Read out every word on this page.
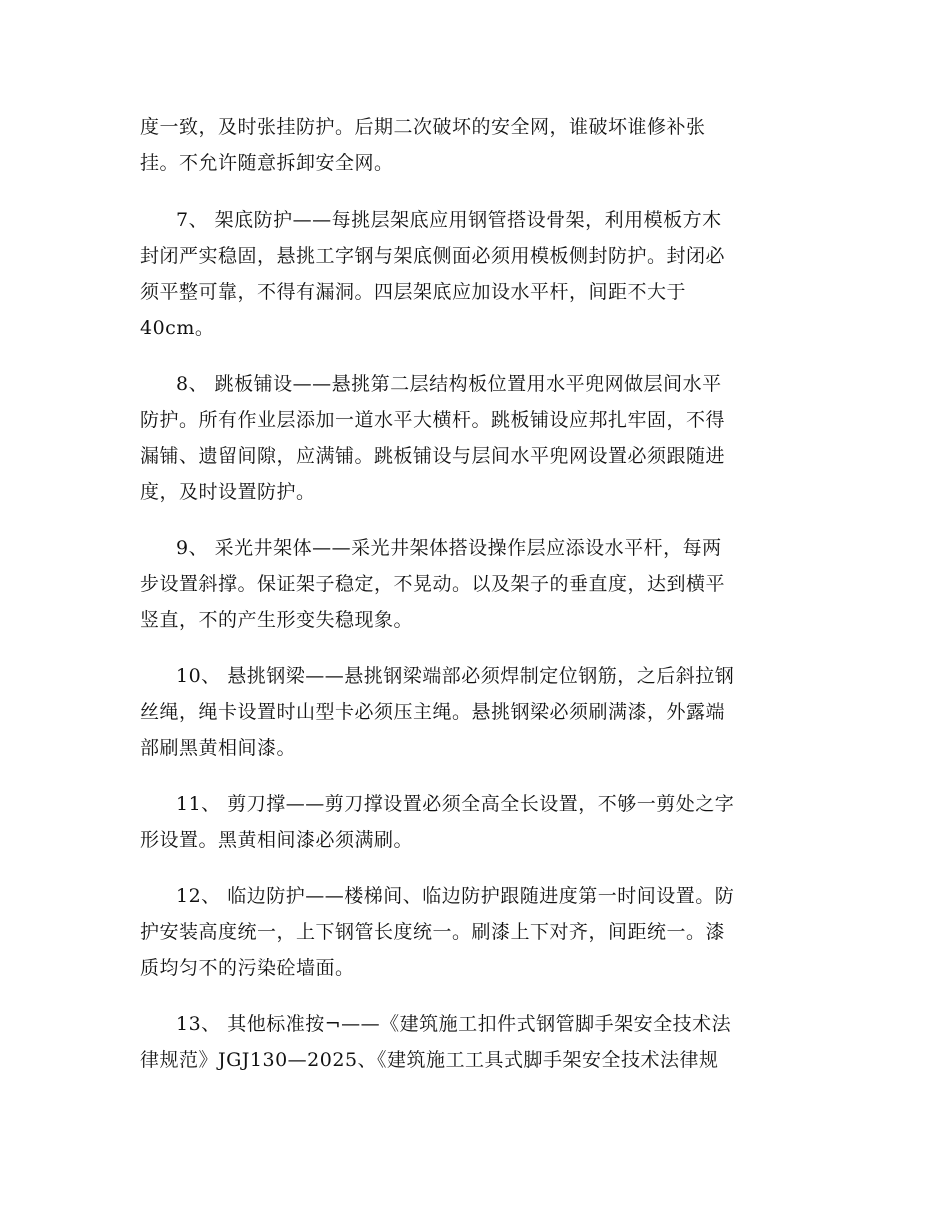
度一致，及时张挂防护。后期二次破坏的安全网，谁破坏谁修补张
挂。不允许随意拆卸安全网。
7、 架底防护——每挑层架底应用钢管搭设骨架，利用模板方木
封闭严实稳固，悬挑工字钢与架底侧面必须用模板侧封防护。封闭必
须平整可靠，不得有漏洞。四层架底应加设水平杆，间距不大于
40cm。
8、 跳板铺设——悬挑第二层结构板位置用水平兜网做层间水平
防护。所有作业层添加一道水平大横杆。跳板铺设应邦扎牢固，不得
漏铺、遗留间隙，应满铺。跳板铺设与层间水平兜网设置必须跟随进
度，及时设置防护。
9、 采光井架体——采光井架体搭设操作层应添设水平杆，每两
步设置斜撑。保证架子稳定，不晃动。以及架子的垂直度，达到横平
竖直，不的产生形变失稳现象。
10、 悬挑钢梁——悬挑钢梁端部必须焊制定位钢筋，之后斜拉钢
丝绳，绳卡设置时山型卡必须压主绳。悬挑钢梁必须刷满漆，外露端
部刷黑黄相间漆。
11、 剪刀撑——剪刀撑设置必须全高全长设置，不够一剪处之字
形设置。黑黄相间漆必须满刷。
12、 临边防护——楼梯间、临边防护跟随进度第一时间设置。防
护安装高度统一，上下钢管长度统一。刷漆上下对齐，间距统一。漆
质均匀不的污染砼墙面。
13、 其他标准按¬——《建筑施工扣件式钢管脚手架安全技术法
律规范》JGJ130—2025、《建筑施工工具式脚手架安全技术法律规
